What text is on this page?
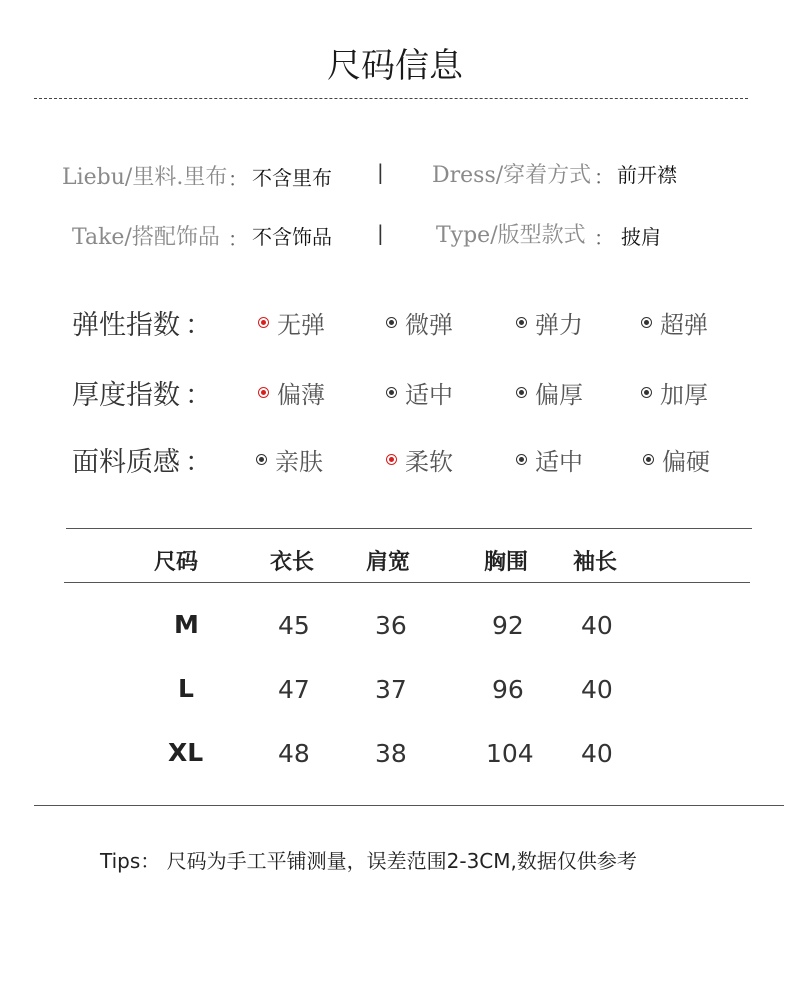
尺码信息
Liebu/里料.里布 ： 不含里布 | Dress/穿着方式 ： 前开襟
Take/搭配饰品 ： 不含饰品 | Type/版型款式 ： 披肩
弹性指数 ：	无弹	微弹	弹力	超弹
厚度指数 ：	偏薄	适中	偏厚	加厚
面料质感 ：	亲肤	柔软	适中	偏硬
尺码	衣长 肩宽	胸围 袖长
M	45	36	92 40
L	47	37	96 40
XL	48	38	104 40
Tips： 尺码为手工平铺测量，误差范围2-3CM,数据仅供参考
